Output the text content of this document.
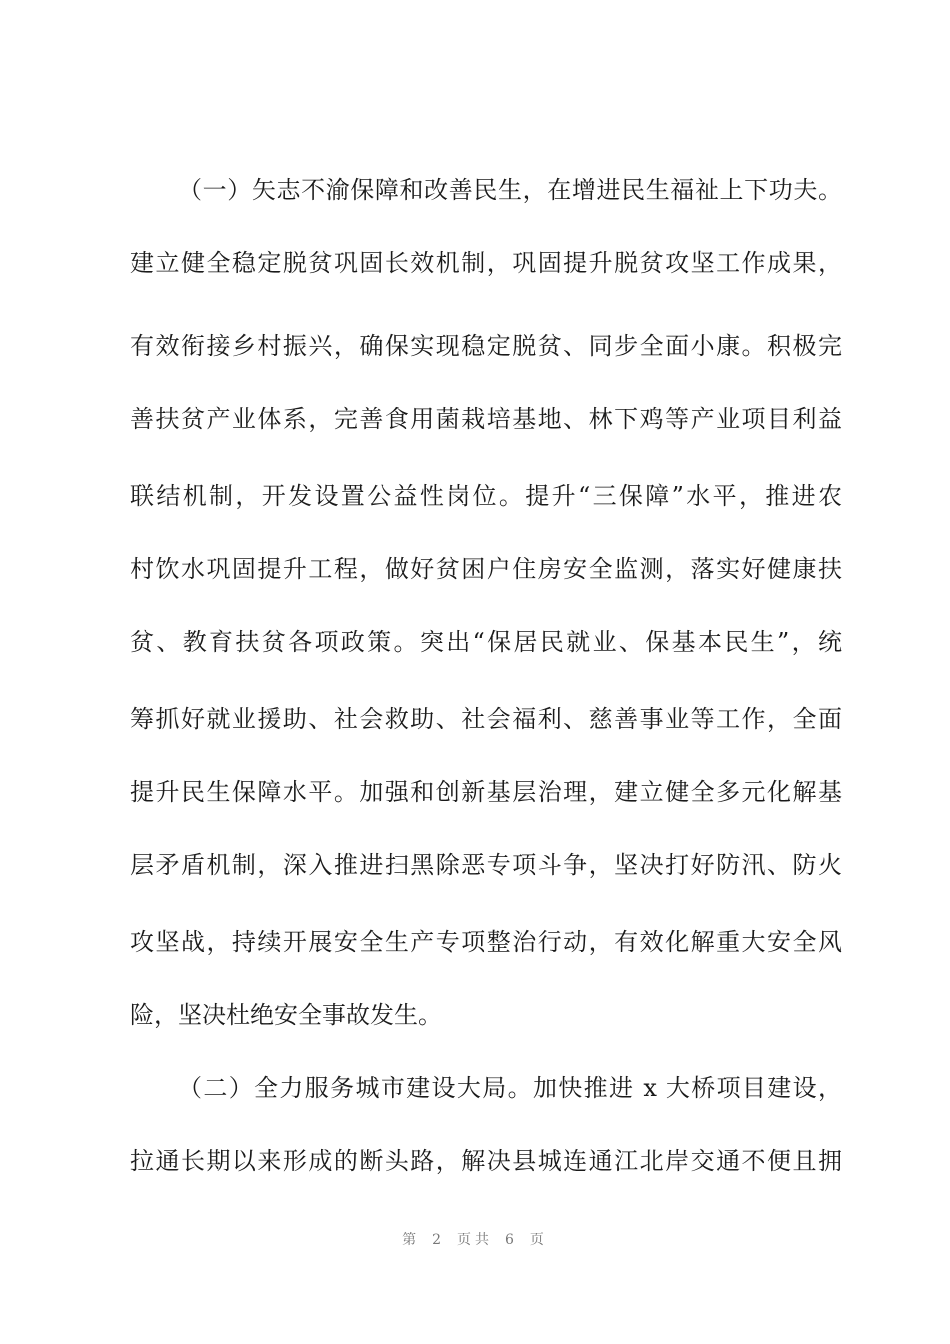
（一）矢志不渝保障和改善民生，在增进民生福祉上下功夫。
建立健全稳定脱贫巩固长效机制，巩固提升脱贫攻坚工作成果，
有效衔接乡村振兴，确保实现稳定脱贫、同步全面小康。积极完
善扶贫产业体系，完善食用菌栽培基地、林下鸡等产业项目利益
联结机制，开发设置公益性岗位。提升“三保障”水平，推进农
村饮水巩固提升工程，做好贫困户住房安全监测，落实好健康扶
贫、教育扶贫各项政策。突出“保居民就业、保基本民生”，统
筹抓好就业援助、社会救助、社会福利、慈善事业等工作，全面
提升民生保障水平。加强和创新基层治理，建立健全多元化解基
层矛盾机制，深入推进扫黑除恶专项斗争，坚决打好防汛、防火
攻坚战，持续开展安全生产专项整治行动，有效化解重大安全风
险，坚决杜绝安全事故发生。
（二）全力服务城市建设大局。加快推进 x 大桥项目建设，
拉通长期以来形成的断头路，解决县城连通江北岸交通不便且拥
第 2 页共 6 页
